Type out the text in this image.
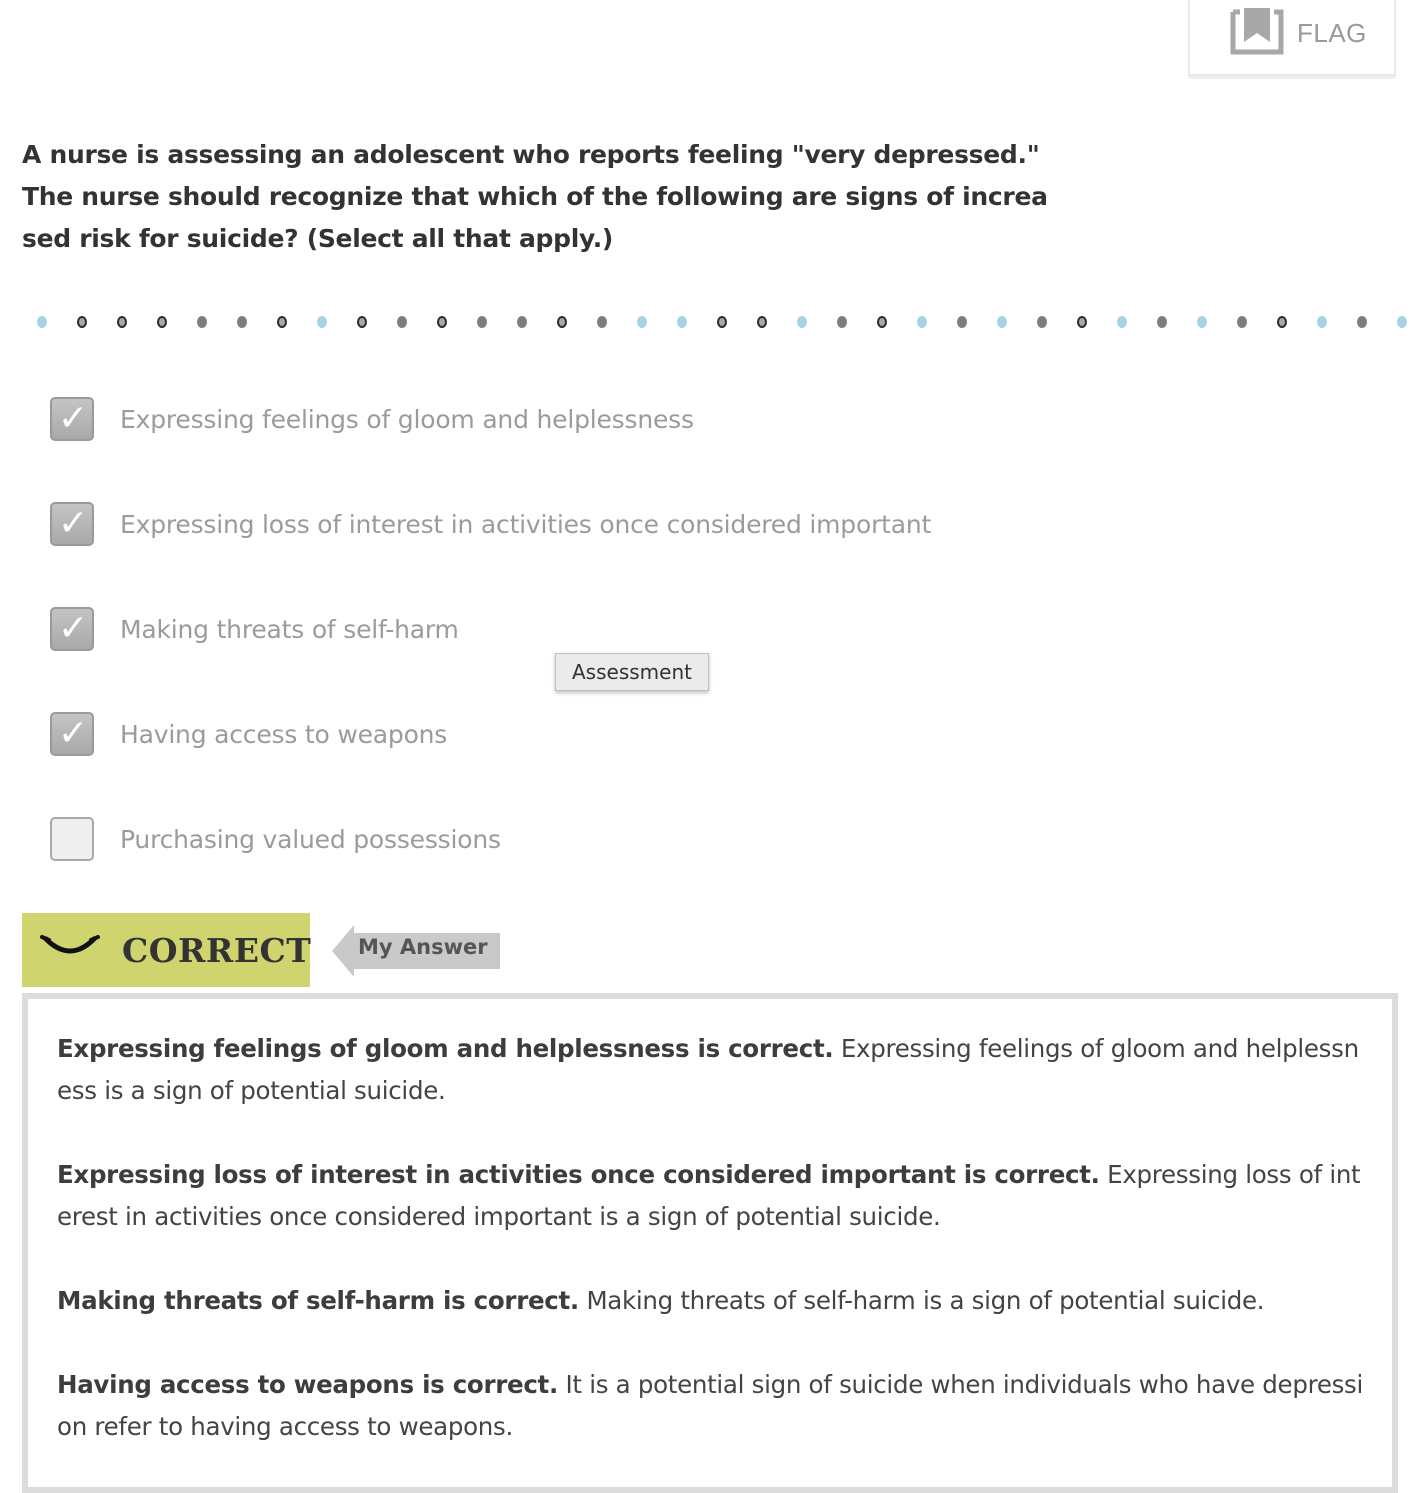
FLAG
A nurse is assessing an adolescent who reports feeling "very depressed." The nurse should recognize that which of the following are signs of increased risk for suicide? (Select all that apply.)
✓ Expressing feelings of gloom and helplessness
✓ Expressing loss of interest in activities once considered important
✓ Making threats of self-harm
✓ Having access to weapons
Purchasing valued possessions
Assessment
CORRECT My Answer
Expressing feelings of gloom and helplessness is correct. Expressing feelings of gloom and helplessness is a sign of potential suicide.
Expressing loss of interest in activities once considered important is correct. Expressing loss of interest in activities once considered important is a sign of potential suicide.
Making threats of self-harm is correct. Making threats of self-harm is a sign of potential suicide.
Having access to weapons is correct. It is a potential sign of suicide when individuals who have depression refer to having access to weapons.
